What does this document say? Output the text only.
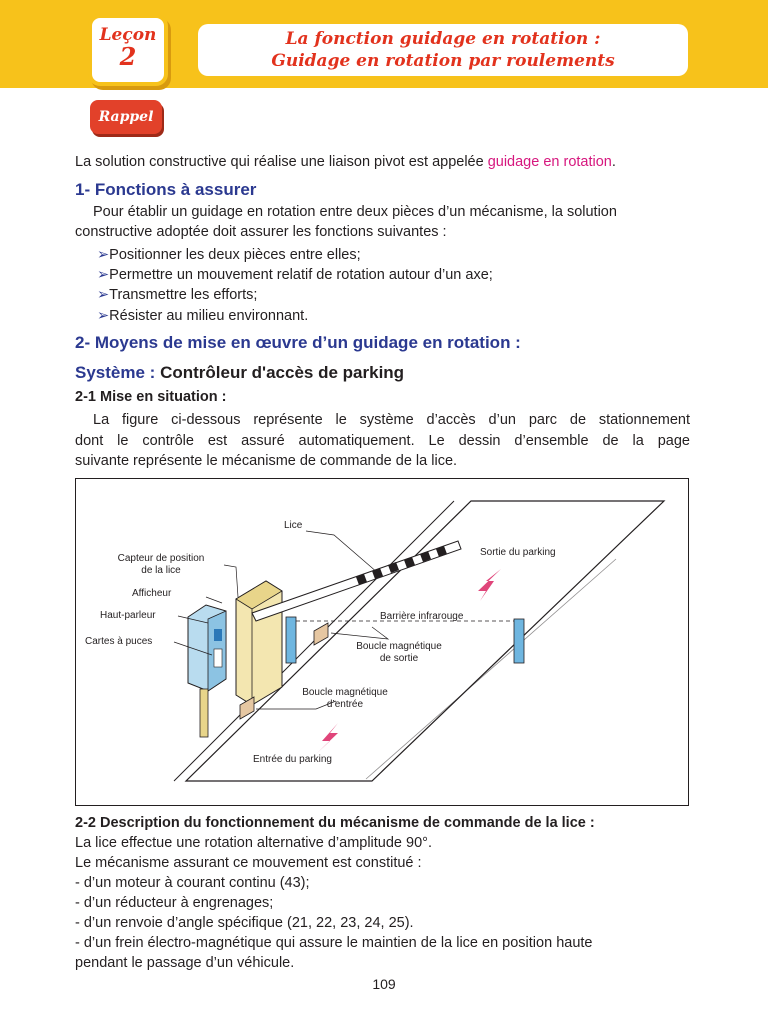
Leçon
2
La fonction guidage en rotation :
Guidage en rotation par roulements
Rappel
La solution constructive qui réalise une liaison pivot est appelée guidage en rotation.
1- Fonctions à assurer
Pour établir un guidage en rotation entre deux pièces d’un mécanisme, la solution
constructive adoptée doit assurer les fonctions suivantes :
➢Positionner les deux pièces entre elles;
➢Permettre un mouvement relatif de rotation autour d’un axe;
➢Transmettre les efforts;
➢Résister au milieu environnant.
2- Moyens de mise en œuvre d’un guidage en rotation :
Système : Contrôleur d'accès de parking
2-1 Mise en situation :
La figure ci-dessous représente le système d’accès d’un parc de stationnement
dont le contrôle est assuré automatiquement. Le dessin d’ensemble de la page
suivante représente le mécanisme de commande de la lice.
Lice
Capteur de position
de la lice
Afficheur
Haut-parleur
Cartes à puces
Sortie du parking
Barrière infrarouge
Boucle magnétique
de sortie
Boucle magnétique
d’entrée
Entrée du parking
2-2 Description du fonctionnement du mécanisme de commande de la lice :
La lice effectue une rotation alternative d’amplitude 90°.
Le mécanisme assurant ce mouvement est constitué :
- d’un moteur à courant continu (43);
- d’un réducteur à engrenages;
- d’un renvoie d’angle spécifique (21, 22, 23, 24, 25).
- d’un frein électro-magnétique qui assure le maintien de la lice en position haute
pendant le passage d’un véhicule.
109
